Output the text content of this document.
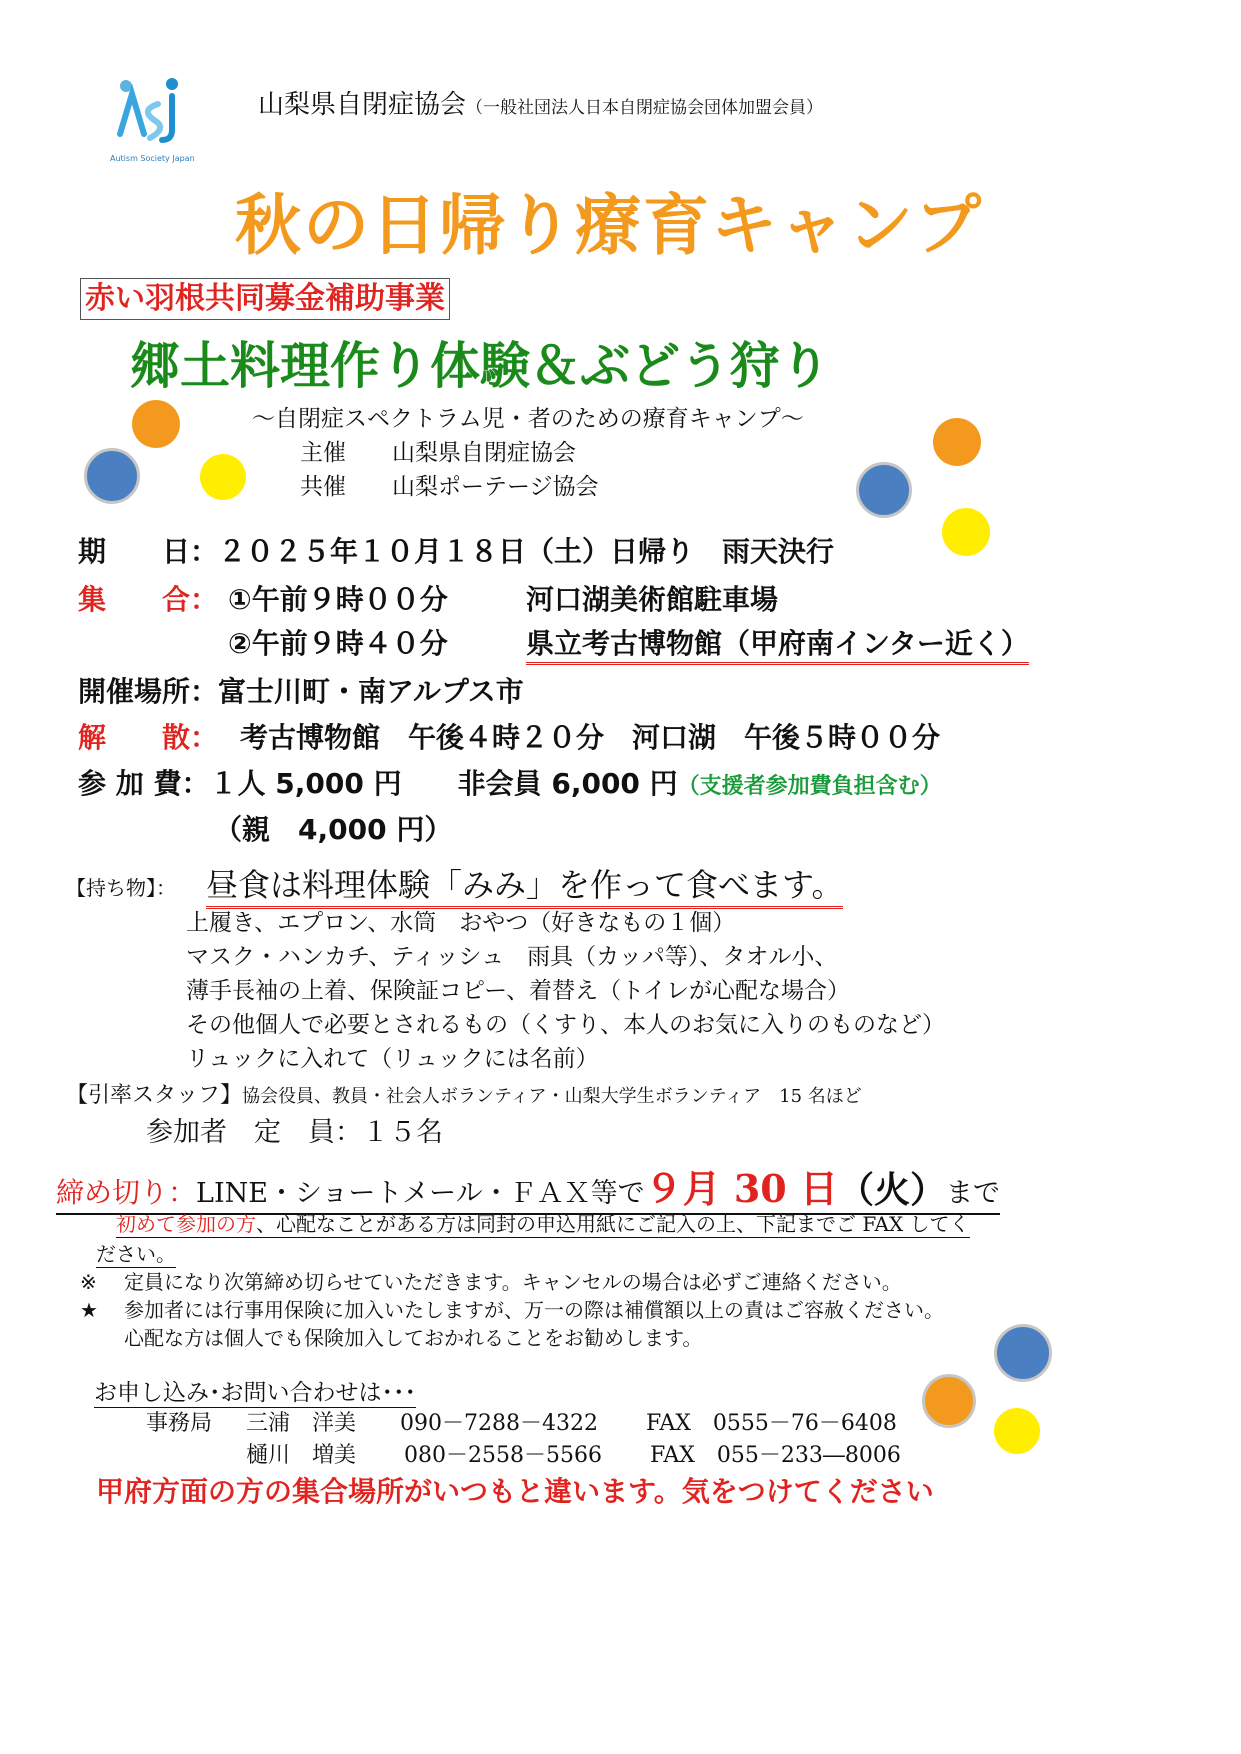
Autism Society Japan
山梨県自閉症協会（一般社団法人日本自閉症協会団体加盟会員）
秋の日帰り療育キャンプ
赤い羽根共同募金補助事業
郷土料理作り体験＆ぶどう狩り
～自閉症スペクトラム児・者のための療育キャンプ～
主催　　 山梨県自閉症協会
共催　　 山梨ポーテージ協会
期　　日：２０２５年１０月１８日（土）日帰り　雨天決行
集　　合： ①午前９時００分	河口湖美術館駐車場
②午前９時４０分	県立考古博物館（甲府南インター近く）
開催場所：富士川町・南アルプス市
解　　散： 考古博物館　午後４時２０分　河口湖　午後５時００分
参 加 費：１人 5,000 円　　 非会員 6,000 円（支援者参加費負担含む）
（親　4,000 円）
【持ち物】： 昼食は料理体験「みみ」を作って食べます。
上履き、エプロン、水筒　おやつ（好きなもの１個）
マスク・ハンカチ、ティッシュ　雨具（カッパ等）、タオル小、
薄手長袖の上着、保険証コピー、着替え（トイレが心配な場合）
その他個人で必要とされるもの（くすり、本人のお気に入りのものなど）
リュックに入れて（リュックには名前）
【引率スタッフ】協会役員、教員・社会人ボランティア・山梨大学生ボランティア　15 名ほど
参加者　定　員：１５名
締め切り：LINE・ショートメール・ＦＡＸ等で９月 30 日（火）まで
初めて参加の方、心配なことがある方は同封の申込用紙にご記入の上、下記までご FAX してく
ださい。
※ 定員になり次第締め切らせていただきます。キャンセルの場合は必ずご連絡ください。
★ 参加者には行事用保険に加入いたしますが、万一の際は補償額以上の責はご容赦ください。
心配な方は個人でも保険加入しておかれることをお勧めします。
お申し込み･お問い合わせは･･･
事務局 三浦　洋美 090－7288－4322 FAX　0555－76－6408
樋川　増美 080－2558－5566 FAX　055－233―8006
甲府方面の方の集合場所がいつもと違います。気をつけてください
